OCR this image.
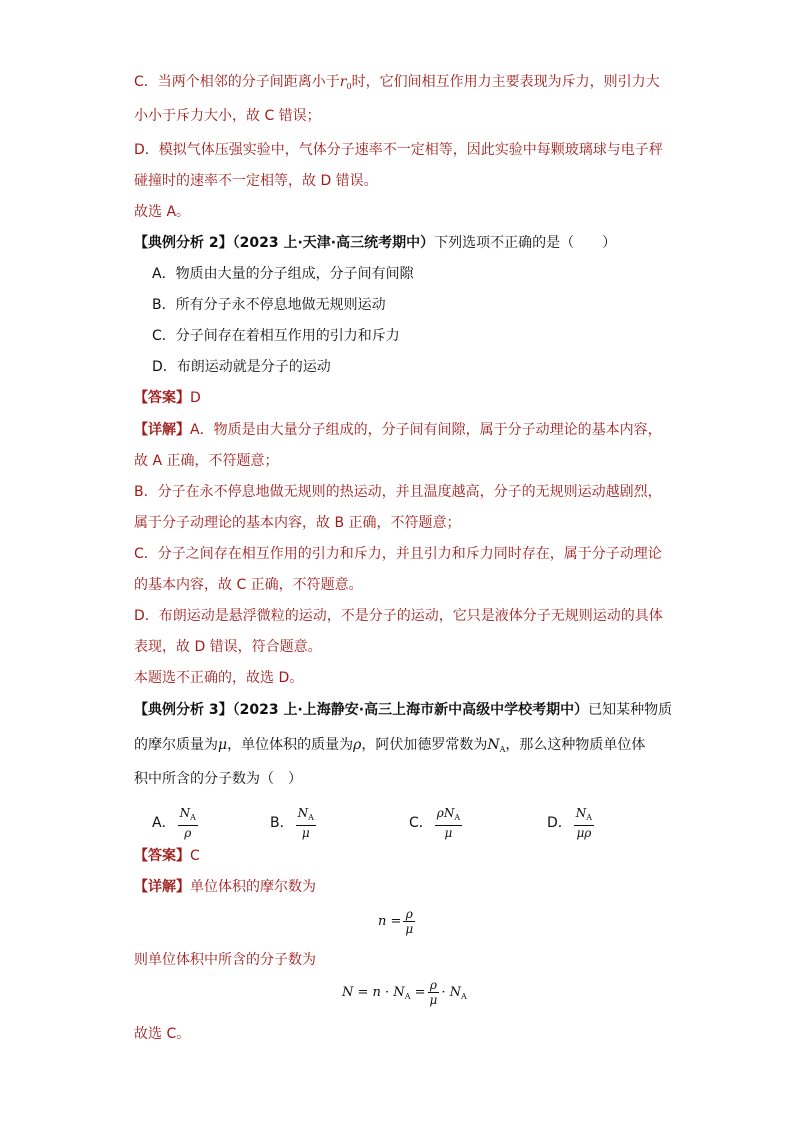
C．当两个相邻的分子间距离小于$r_0$时，它们间相互作用力主要表现为斥力，则引力大
小小于斥力大小，故 C 错误；
D．模拟气体压强实验中，气体分子速率不一定相等，因此实验中每颗玻璃球与电子秤
碰撞时的速率不一定相等，故 D 错误。
故选 A。
【典例分析 2】（2023 上·天津·高三统考期中）下列选项不正确的是（　　）
A．物质由大量的分子组成，分子间有间隙
B．所有分子永不停息地做无规则运动
C．分子间存在着相互作用的引力和斥力
D．布朗运动就是分子的运动
【答案】D
【详解】A．物质是由大量分子组成的，分子间有间隙，属于分子动理论的基本内容，
故 A 正确，不符题意；
B．分子在永不停息地做无规则的热运动，并且温度越高，分子的无规则运动越剧烈，
属于分子动理论的基本内容，故 B 正确，不符题意；
C．分子之间存在相互作用的引力和斥力，并且引力和斥力同时存在，属于分子动理论
的基本内容，故 C 正确，不符题意。
D．布朗运动是悬浮微粒的运动，不是分子的运动，它只是液体分子无规则运动的具体
表现，故 D 错误，符合题意。
本题选不正确的，故选 D。
【典例分析 3】（2023 上·上海静安·高三上海市新中高级中学校考期中）已知某种物质
的摩尔质量为μ，单位体积的质量为ρ，阿伏加德罗常数为$N_A$，那么这种物质单位体
积中所含的分子数为（　）
A． $\frac{N_A}{\rho}$	B． $\frac{N_A}{\mu}$	C． $\frac{\rho N_A}{\mu}$	D． $\frac{N_A}{\mu\rho}$
【答案】C
【详解】单位体积的摩尔数为
$n = \frac{\rho}{\mu}$
则单位体积中所含的分子数为
$N = n \cdot N_A = \frac{\rho}{\mu} \cdot N_A$
故选 C。
